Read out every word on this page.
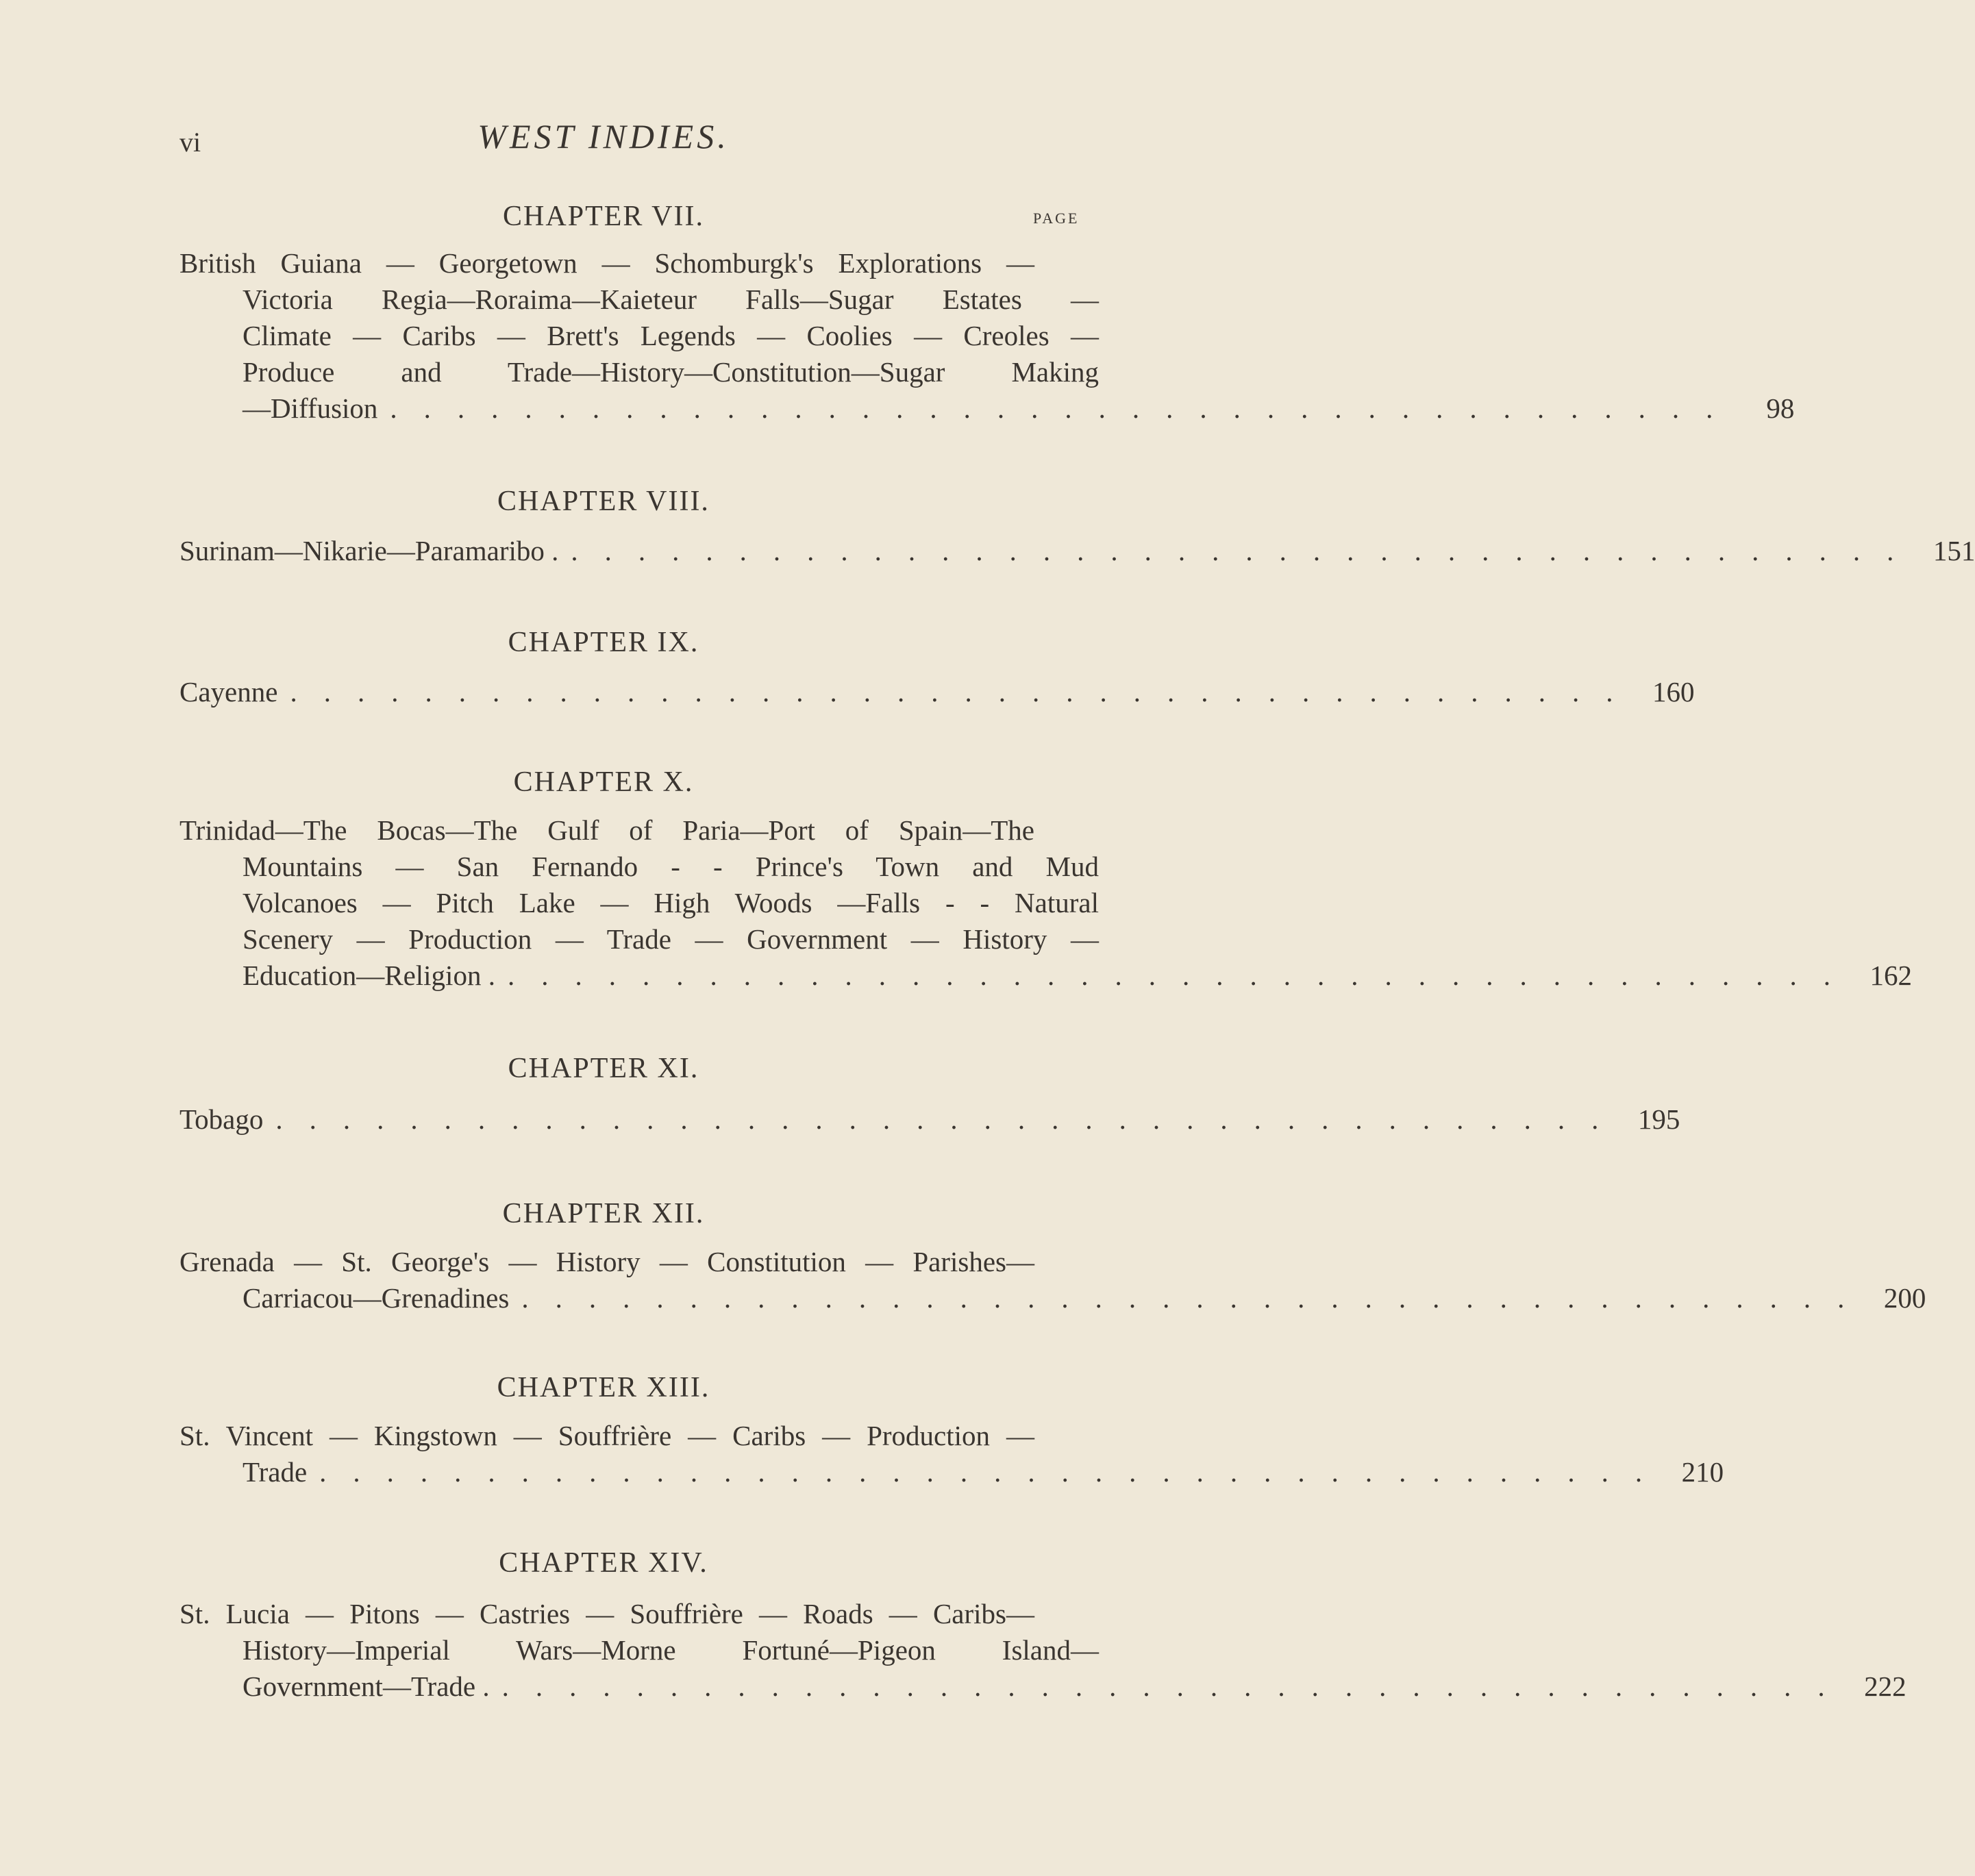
vi	WEST INDIES.
PAGE
CHAPTER VII.
British Guiana — Georgetown — Schomburgk's Explorations —
Victoria Regia—Roraima—Kaieteur Falls—Sugar Estates —
Climate — Caribs — Brett's Legends — Coolies — Creoles —
Produce and Trade—History—Constitution—Sugar Making
—Diffusion ........................................ 98
CHAPTER VIII.
Surinam—Nikarie—Paramaribo . ........................................ 151
CHAPTER IX.
Cayenne ........................................ 160
CHAPTER X.
Trinidad—The Bocas—The Gulf of Paria—Port of Spain—The
Mountains — San Fernando - - Prince's Town and Mud
Volcanoes — Pitch Lake — High Woods —Falls - - Natural
Scenery — Production — Trade — Government — History —
Education—Religion . ........................................ 162
CHAPTER XI.
Tobago ........................................ 195
CHAPTER XII.
Grenada — St. George's — History — Constitution — Parishes—
Carriacou—Grenadines ........................................ 200
CHAPTER XIII.
St. Vincent — Kingstown — Souffrière — Caribs — Production —
Trade ........................................ 210
CHAPTER XIV.
St. Lucia — Pitons — Castries — Souffrière — Roads — Caribs—
History—Imperial Wars—Morne Fortuné—Pigeon Island—
Government—Trade . ........................................ 222
